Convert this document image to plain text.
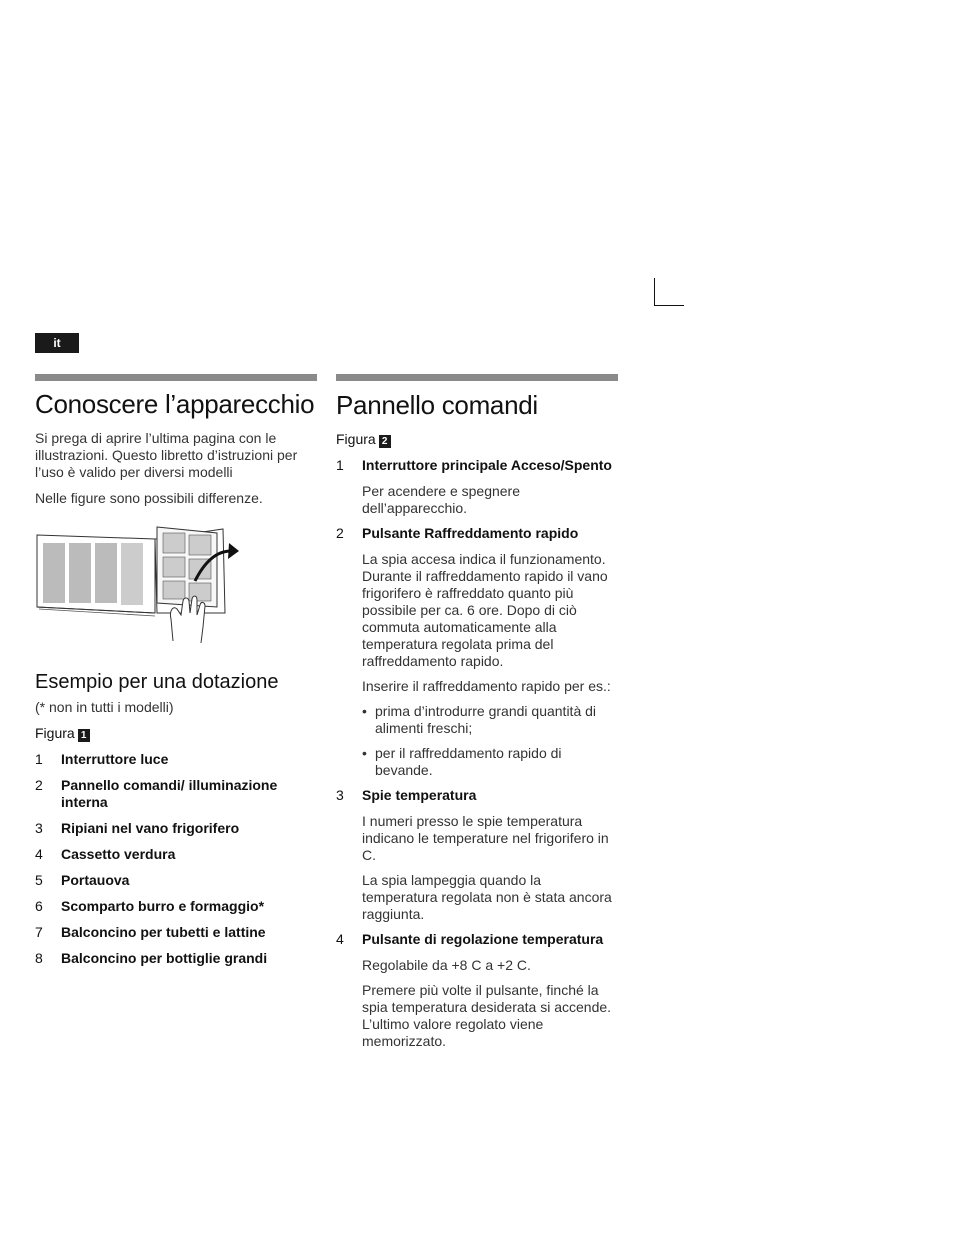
it
Conoscere l’apparecchio

Si prega di aprire l’ultima pagina con le illustrazioni. Questo libretto d’istruzioni per l’uso è valido per diversi modelli

Nelle figure sono possibili differenze.

Esempio per una dotazione

(* non in tutti i modelli)

Figura 1
1	Interruttore luce
2	Pannello comandi/ illuminazione interna
3	Ripiani nel vano frigorifero
4	Cassetto verdura
5	Portauova
6	Scomparto burro e formaggio*
7	Balconcino per tubetti e lattine
8	Balconcino per bottiglie grandi
Pannello comandi
Figura 2
1	Interruttore principale Acceso/Spento
Per acendere e spegnere dell’apparecchio.
2	Pulsante Raffreddamento rapido
La spia accesa indica il funzionamento. Durante il raffreddamento rapido il vano frigorifero è raffreddato quanto più possibile per ca. 6 ore. Dopo di ciò commuta automaticamente alla temperatura regolata prima del raffreddamento rapido.
Inserire il raffreddamento rapido per es.:
• prima d’introdurre grandi quantità di alimenti freschi;
• per il raffreddamento rapido di bevande.
3	Spie temperatura
I numeri presso le spie temperatura indicano le temperature nel frigorifero in C.
La spia lampeggia quando la temperatura regolata non è stata ancora raggiunta.
4	Pulsante di regolazione temperatura
Regolabile da +8 C a +2 C.
Premere più volte il pulsante, finché la spia temperatura desiderata si accende. L’ultimo valore regolato viene memorizzato.
